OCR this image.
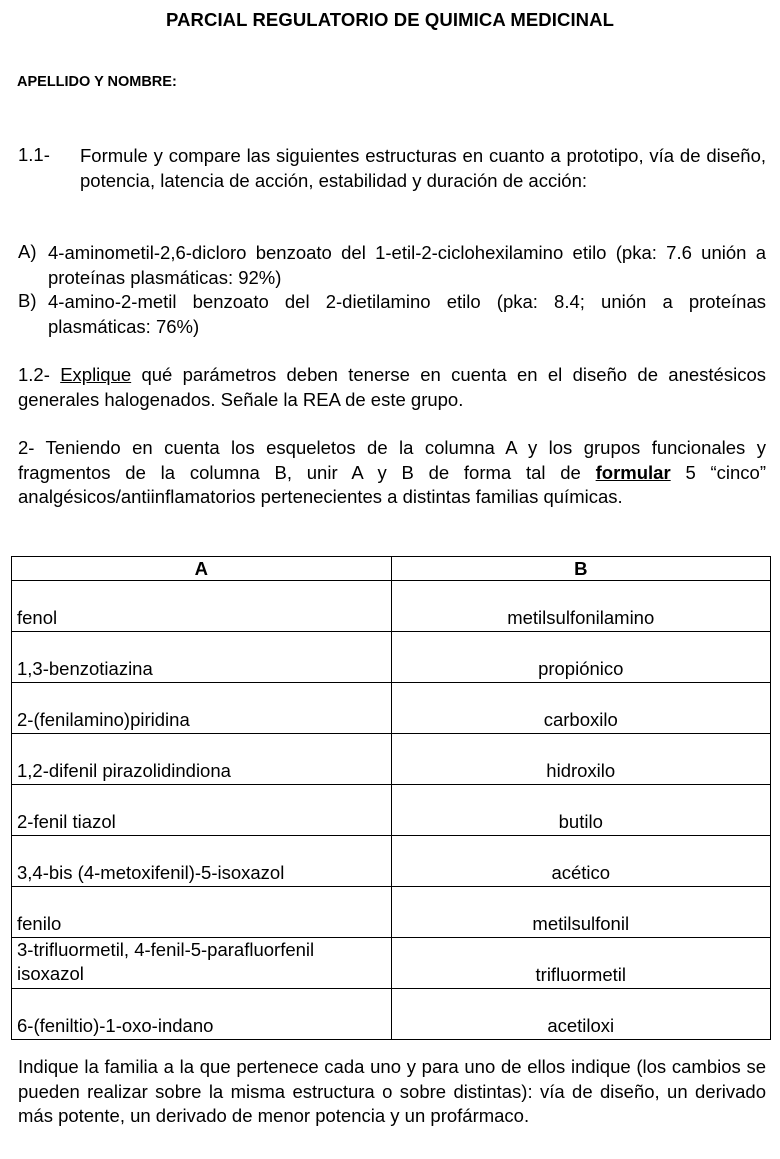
PARCIAL REGULATORIO DE QUIMICA MEDICINAL
APELLIDO Y NOMBRE:
1.1- Formule y compare las siguientes estructuras en cuanto a prototipo, vía de diseño, potencia, latencia de acción, estabilidad y duración de acción:
A) 4-aminometil-2,6-dicloro benzoato del 1-etil-2-ciclohexilamino etilo (pka: 7.6 unión a proteínas plasmáticas: 92%)
B) 4-amino-2-metil benzoato del 2-dietilamino etilo (pka: 8.4; unión a proteínas plasmáticas: 76%)
1.2- Explique qué parámetros deben tenerse en cuenta en el diseño de anestésicos generales halogenados. Señale la REA de este grupo.
2- Teniendo en cuenta los esqueletos de la columna A y los grupos funcionales y fragmentos de la columna B, unir A y B de forma tal de formular 5 “cinco” analgésicos/antiinflamatorios pertenecientes a distintas familias químicas.
A	B
fenol	metilsulfonilamino
1,3-benzotiazina	propiónico
2-(fenilamino)piridina	carboxilo
1,2-difenil pirazolidindiona	hidroxilo
2-fenil tiazol	butilo
3,4-bis (4-metoxifenil)-5-isoxazol	acético
fenilo	metilsulfonil
3-trifluormetil, 4-fenil-5-parafluorfenil
isoxazol	trifluormetil
6-(feniltio)-1-oxo-indano	acetiloxi
Indique la familia a la que pertenece cada uno y para uno de ellos indique (los cambios se pueden realizar sobre la misma estructura o sobre distintas): vía de diseño, un derivado más potente, un derivado de menor potencia y un profármaco.
